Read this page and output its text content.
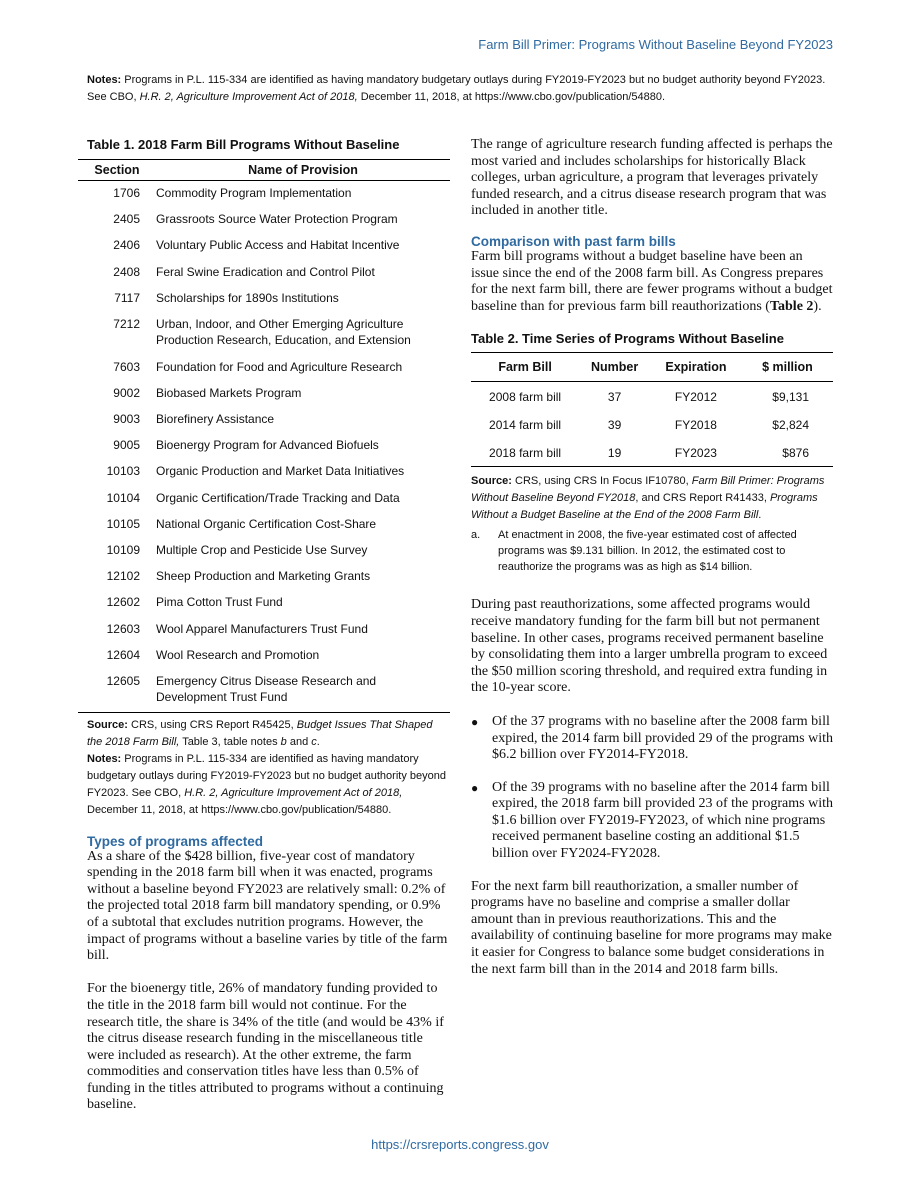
Farm Bill Primer: Programs Without Baseline Beyond FY2023
Notes: Programs in P.L. 115-334 are identified as having mandatory budgetary outlays during FY2019-FY2023 but no budget authority beyond FY2023. See CBO, H.R. 2, Agriculture Improvement Act of 2018, December 11, 2018, at https://www.cbo.gov/publication/54880.
Table 1. 2018 Farm Bill Programs Without Baseline
Section	Name of Provision
1706	Commodity Program Implementation
2405	Grassroots Source Water Protection Program
2406	Voluntary Public Access and Habitat Incentive
2408	Feral Swine Eradication and Control Pilot
7117	Scholarships for 1890s Institutions
7212	Urban, Indoor, and Other Emerging Agriculture Production Research, Education, and Extension
7603	Foundation for Food and Agriculture Research
9002	Biobased Markets Program
9003	Biorefinery Assistance
9005	Bioenergy Program for Advanced Biofuels
10103	Organic Production and Market Data Initiatives
10104	Organic Certification/Trade Tracking and Data
10105	National Organic Certification Cost-Share
10109	Multiple Crop and Pesticide Use Survey
12102	Sheep Production and Marketing Grants
12602	Pima Cotton Trust Fund
12603	Wool Apparel Manufacturers Trust Fund
12604	Wool Research and Promotion
12605	Emergency Citrus Disease Research and Development Trust Fund
Source: CRS, using CRS Report R45425, Budget Issues That Shaped the 2018 Farm Bill, Table 3, table notes b and c.
Notes: Programs in P.L. 115-334 are identified as having mandatory budgetary outlays during FY2019-FY2023 but no budget authority beyond FY2023. See CBO, H.R. 2, Agriculture Improvement Act of 2018, December 11, 2018, at https://www.cbo.gov/publication/54880.
Types of programs affected

As a share of the $428 billion, five-year cost of mandatory spending in the 2018 farm bill when it was enacted, programs without a baseline beyond FY2023 are relatively small: 0.2% of the projected total 2018 farm bill mandatory spending, or 0.9% of a subtotal that excludes nutrition programs. However, the impact of programs without a baseline varies by title of the farm bill.

For the bioenergy title, 26% of mandatory funding provided to the title in the 2018 farm bill would not continue. For the research title, the share is 34% of the title (and would be 43% if the citrus disease research funding in the miscellaneous title were included as research). At the other extreme, the farm commodities and conservation titles have less than 0.5% of funding in the titles attributed to programs without a continuing baseline.

The range of agriculture research funding affected is perhaps the most varied and includes scholarships for historically Black colleges, urban agriculture, a program that leverages privately funded research, and a citrus disease research program that was included in another title.

Comparison with past farm bills

Farm bill programs without a budget baseline have been an issue since the end of the 2008 farm bill. As Congress prepares for the next farm bill, there are fewer programs without a budget baseline than for previous farm bill reauthorizations (Table 2).

Table 2. Time Series of Programs Without Baseline
Farm Bill	Number	Expiration	$ million
2008 farm bill	37	FY2012	$9,131
2014 farm bill	39	FY2018	$2,824
2018 farm bill	19	FY2023	$876
Source: CRS, using CRS In Focus IF10780, Farm Bill Primer: Programs Without Baseline Beyond FY2018, and CRS Report R41433, Programs Without a Budget Baseline at the End of the 2008 Farm Bill.
a.	At enactment in 2008, the five-year estimated cost of affected programs was $9.131 billion. In 2012, the estimated cost to reauthorize the programs was as high as $14 billion.

During past reauthorizations, some affected programs would receive mandatory funding for the farm bill but not permanent baseline. In other cases, programs received permanent baseline by consolidating them into a larger umbrella program to exceed the $50 million scoring threshold, and required extra funding in the 10-year score.

● Of the 37 programs with no baseline after the 2008 farm bill expired, the 2014 farm bill provided 29 of the programs with $6.2 billion over FY2014-FY2018.
● Of the 39 programs with no baseline after the 2014 farm bill expired, the 2018 farm bill provided 23 of the programs with $1.6 billion over FY2019-FY2023, of which nine programs received permanent baseline costing an additional $1.5 billion over FY2024-FY2028.

For the next farm bill reauthorization, a smaller number of programs have no baseline and comprise a smaller dollar amount than in previous reauthorizations. This and the availability of continuing baseline for more programs may make it easier for Congress to balance some budget considerations in the next farm bill than in the 2014 and 2018 farm bills.

https://crsreports.congress.gov
